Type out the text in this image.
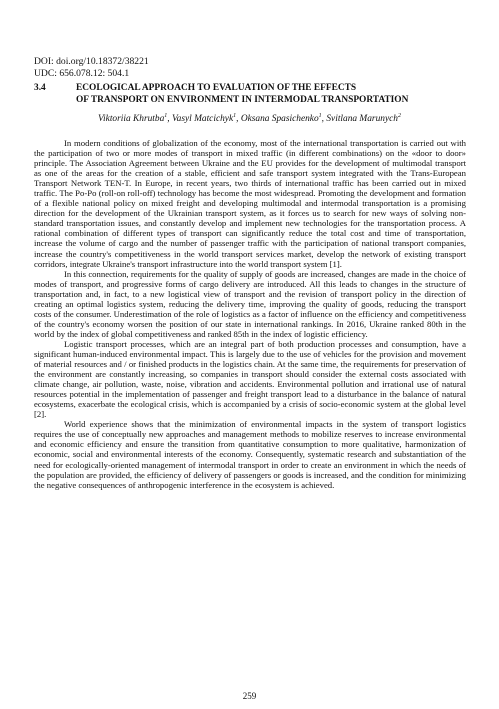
DOI: doi.org/10.18372/38221
UDC: 656.078.12: 504.1
3.4	ECOLOGICAL APPROACH TO EVALUATION OF THE EFFECTS
OF TRANSPORT ON ENVIRONMENT IN INTERMODAL TRANSPORTATION
Viktoriia Khrutba$^1$, Vasyl Matcichyk$^1$, Oksana Spasichenko$^1$, Svitlana Marunych$^2$

In modern conditions of globalization of the economy, most of the international transportation is carried out with the participation of two or more modes of transport in mixed traffic (in different combinations) on the «door to door» principle. The Association Agreement between Ukraine and the EU provides for the development of multimodal transport as one of the areas for the creation of a stable, efficient and safe transport system integrated with the Trans-European Transport Network TEN-T. In Europe, in recent years, two thirds of international traffic has been carried out in mixed traffic. The Po-Po (roll-on roll-off) technology has become the most widespread. Promoting the development and formation of a flexible national policy on mixed freight and developing multimodal and intermodal transportation is a promising direction for the development of the Ukrainian transport system, as it forces us to search for new ways of solving non-standard transportation issues, and constantly develop and implement new technologies for the transportation process. A rational combination of different types of transport can significantly reduce the total cost and time of transportation, increase the volume of cargo and the number of passenger traffic with the participation of national transport companies, increase the country's competitiveness in the world transport services market, develop the network of existing transport corridors, integrate Ukraine's transport infrastructure into the world transport system [1].

In this connection, requirements for the quality of supply of goods are increased, changes are made in the choice of modes of transport, and progressive forms of cargo delivery are introduced. All this leads to changes in the structure of transportation and, in fact, to a new logistical view of transport and the revision of transport policy in the direction of creating an optimal logistics system, reducing the delivery time, improving the quality of goods, reducing the transport costs of the consumer. Underestimation of the role of logistics as a factor of influence on the efficiency and competitiveness of the country's economy worsen the position of our state in international rankings. In 2016, Ukraine ranked 80th in the world by the index of global competitiveness and ranked 85th in the index of logistic efficiency.

Logistic transport processes, which are an integral part of both production processes and consumption, have a significant human-induced environmental impact. This is largely due to the use of vehicles for the provision and movement of material resources and / or finished products in the logistics chain. At the same time, the requirements for preservation of the environment are constantly increasing, so companies in transport should consider the external costs associated with climate change, air pollution, waste, noise, vibration and accidents. Environmental pollution and irrational use of natural resources potential in the implementation of passenger and freight transport lead to a disturbance in the balance of natural ecosystems, exacerbate the ecological crisis, which is accompanied by a crisis of socio-economic system at the global level [2].

World experience shows that the minimization of environmental impacts in the system of transport logistics requires the use of conceptually new approaches and management methods to mobilize reserves to increase environmental and economic efficiency and ensure the transition from quantitative consumption to more qualitative, harmonization of economic, social and environmental interests of the economy. Consequently, systematic research and substantiation of the need for ecologically-oriented management of intermodal transport in order to create an environment in which the needs of the population are provided, the efficiency of delivery of passengers or goods is increased, and the condition for minimizing the negative consequences of anthropogenic interference in the ecosystem is achieved.

259
